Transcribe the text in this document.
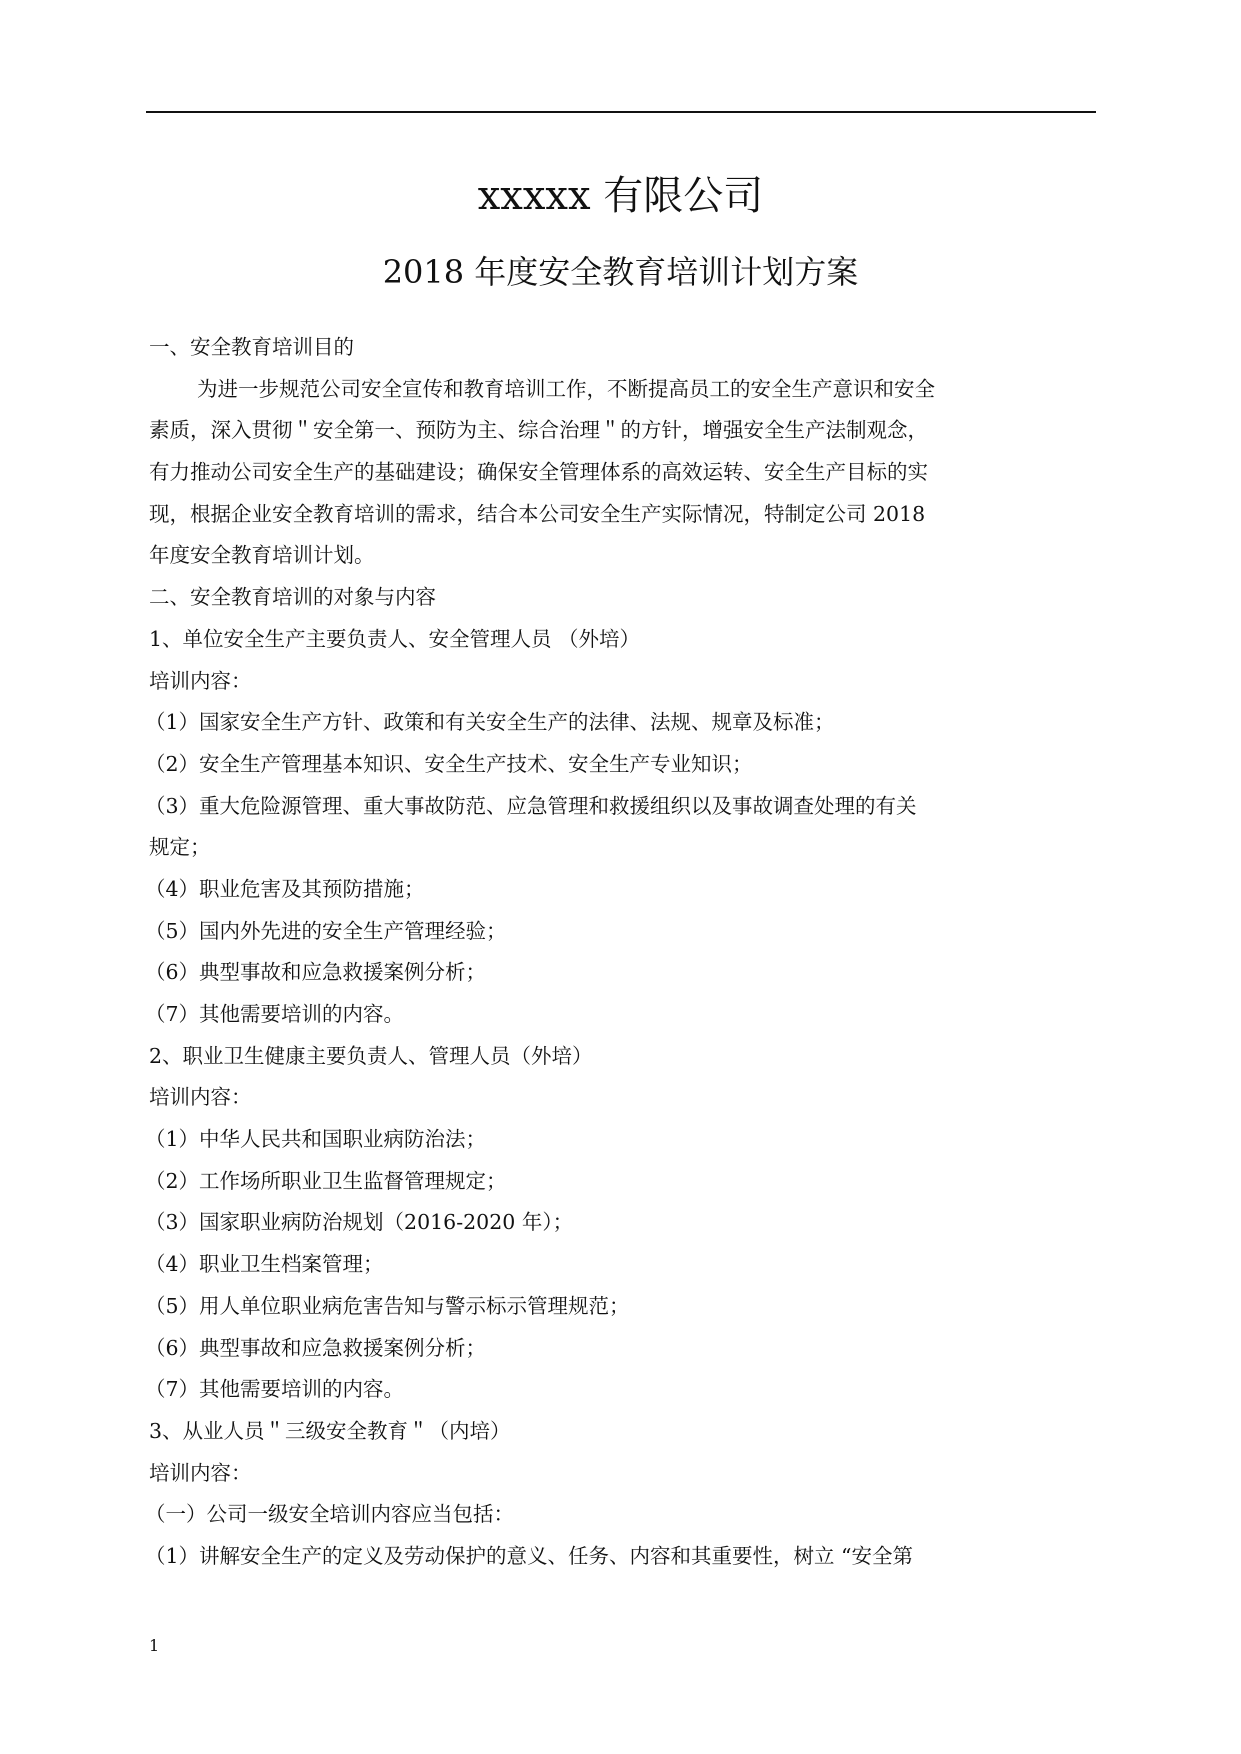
xxxxx 有限公司
2018 年度安全教育培训计划方案
一、安全教育培训目的
为进一步规范公司安全宣传和教育培训工作，不断提高员工的安全生产意识和安全
素质，深入贯彻＂安全第一、预防为主、综合治理＂的方针，增强安全生产法制观念，
有力推动公司安全生产的基础建设；确保安全管理体系的高效运转、安全生产目标的实
现，根据企业安全教育培训的需求，结合本公司安全生产实际情况，特制定公司 2018
年度安全教育培训计划。
二、安全教育培训的对象与内容
1、单位安全生产主要负责人、安全管理人员 （外培）
培训内容：
（1）国家安全生产方针、政策和有关安全生产的法律、法规、规章及标准；
（2）安全生产管理基本知识、安全生产技术、安全生产专业知识；
（3）重大危险源管理、重大事故防范、应急管理和救援组织以及事故调查处理的有关
规定；
（4）职业危害及其预防措施；
（5）国内外先进的安全生产管理经验；
（6）典型事故和应急救援案例分析；
（7）其他需要培训的内容。
2、职业卫生健康主要负责人、管理人员（外培）
培训内容：
（1）中华人民共和国职业病防治法；
（2）工作场所职业卫生监督管理规定；
（3）国家职业病防治规划（2016-2020 年）；
（4）职业卫生档案管理；
（5）用人单位职业病危害告知与警示标示管理规范；
（6）典型事故和应急救援案例分析；
（7）其他需要培训的内容。
3、从业人员＂三级安全教育＂（内培）
培训内容：
（一）公司一级安全培训内容应当包括：
（1）讲解安全生产的定义及劳动保护的意义、任务、内容和其重要性，树立 “安全第
1
